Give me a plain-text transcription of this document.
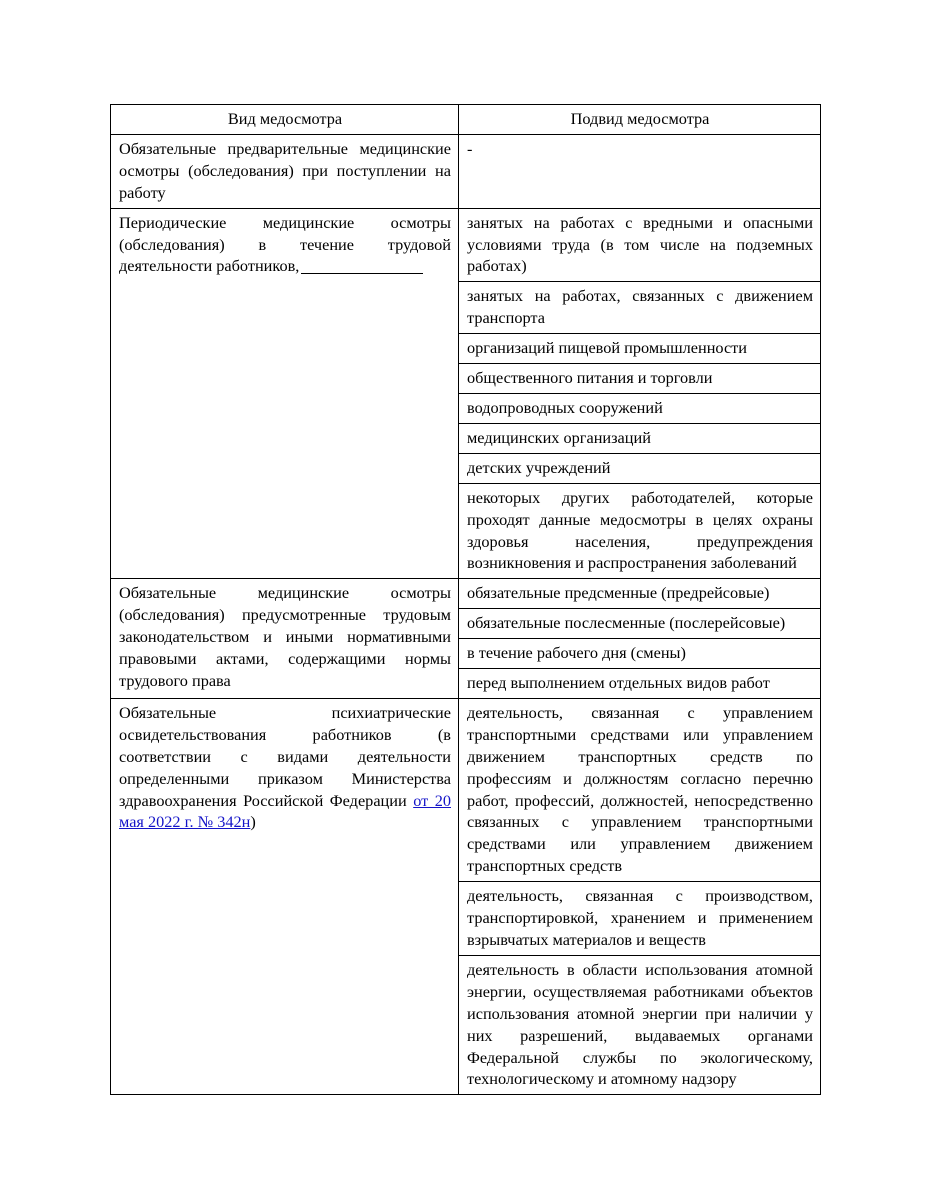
Вид медосмотра	Подвид медосмотра

Обязательные предварительные медицинские осмотры (обследования) при поступлении на работу	-

Периодические медицинские осмотры (обследования) в течение трудовой деятельности работников,	занятых на работах с вредными и опасными условиями труда (в том числе на подземных работах)

	занятых на работах, связанных с движением транспорта

	организаций пищевой промышленности

	общественного питания и торговли

	водопроводных сооружений

	медицинских организаций

	детских учреждений

	некоторых других работодателей, которые проходят данные медосмотры в целях охраны здоровья населения, предупреждения возникновения и распространения заболеваний

Обязательные медицинские осмотры (обследования) предусмотренные трудовым законодательством и иными нормативными правовыми актами, содержащими нормы трудового права	обязательные предсменные (предрейсовые)

	обязательные послесменные (послерейсовые)

	в течение рабочего дня (смены)

	перед выполнением отдельных видов работ

Обязательные психиатрические освидетельствования работников (в соответствии с видами деятельности определенными приказом Министерства здравоохранения Российской Федерации от 20 мая 2022 г. № 342н)	деятельность, связанная с управлением транспортными средствами или управлением движением транспортных средств по профессиям и должностям согласно перечню работ, профессий, должностей, непосредственно связанных с управлением транспортными средствами или управлением движением транспортных средств

	деятельность, связанная с производством, транспортировкой, хранением и применением взрывчатых материалов и веществ

	деятельность в области использования атомной энергии, осуществляемая работниками объектов использования атомной энергии при наличии у них разрешений, выдаваемых органами Федеральной службы по экологическому, технологическому и атомному надзору
